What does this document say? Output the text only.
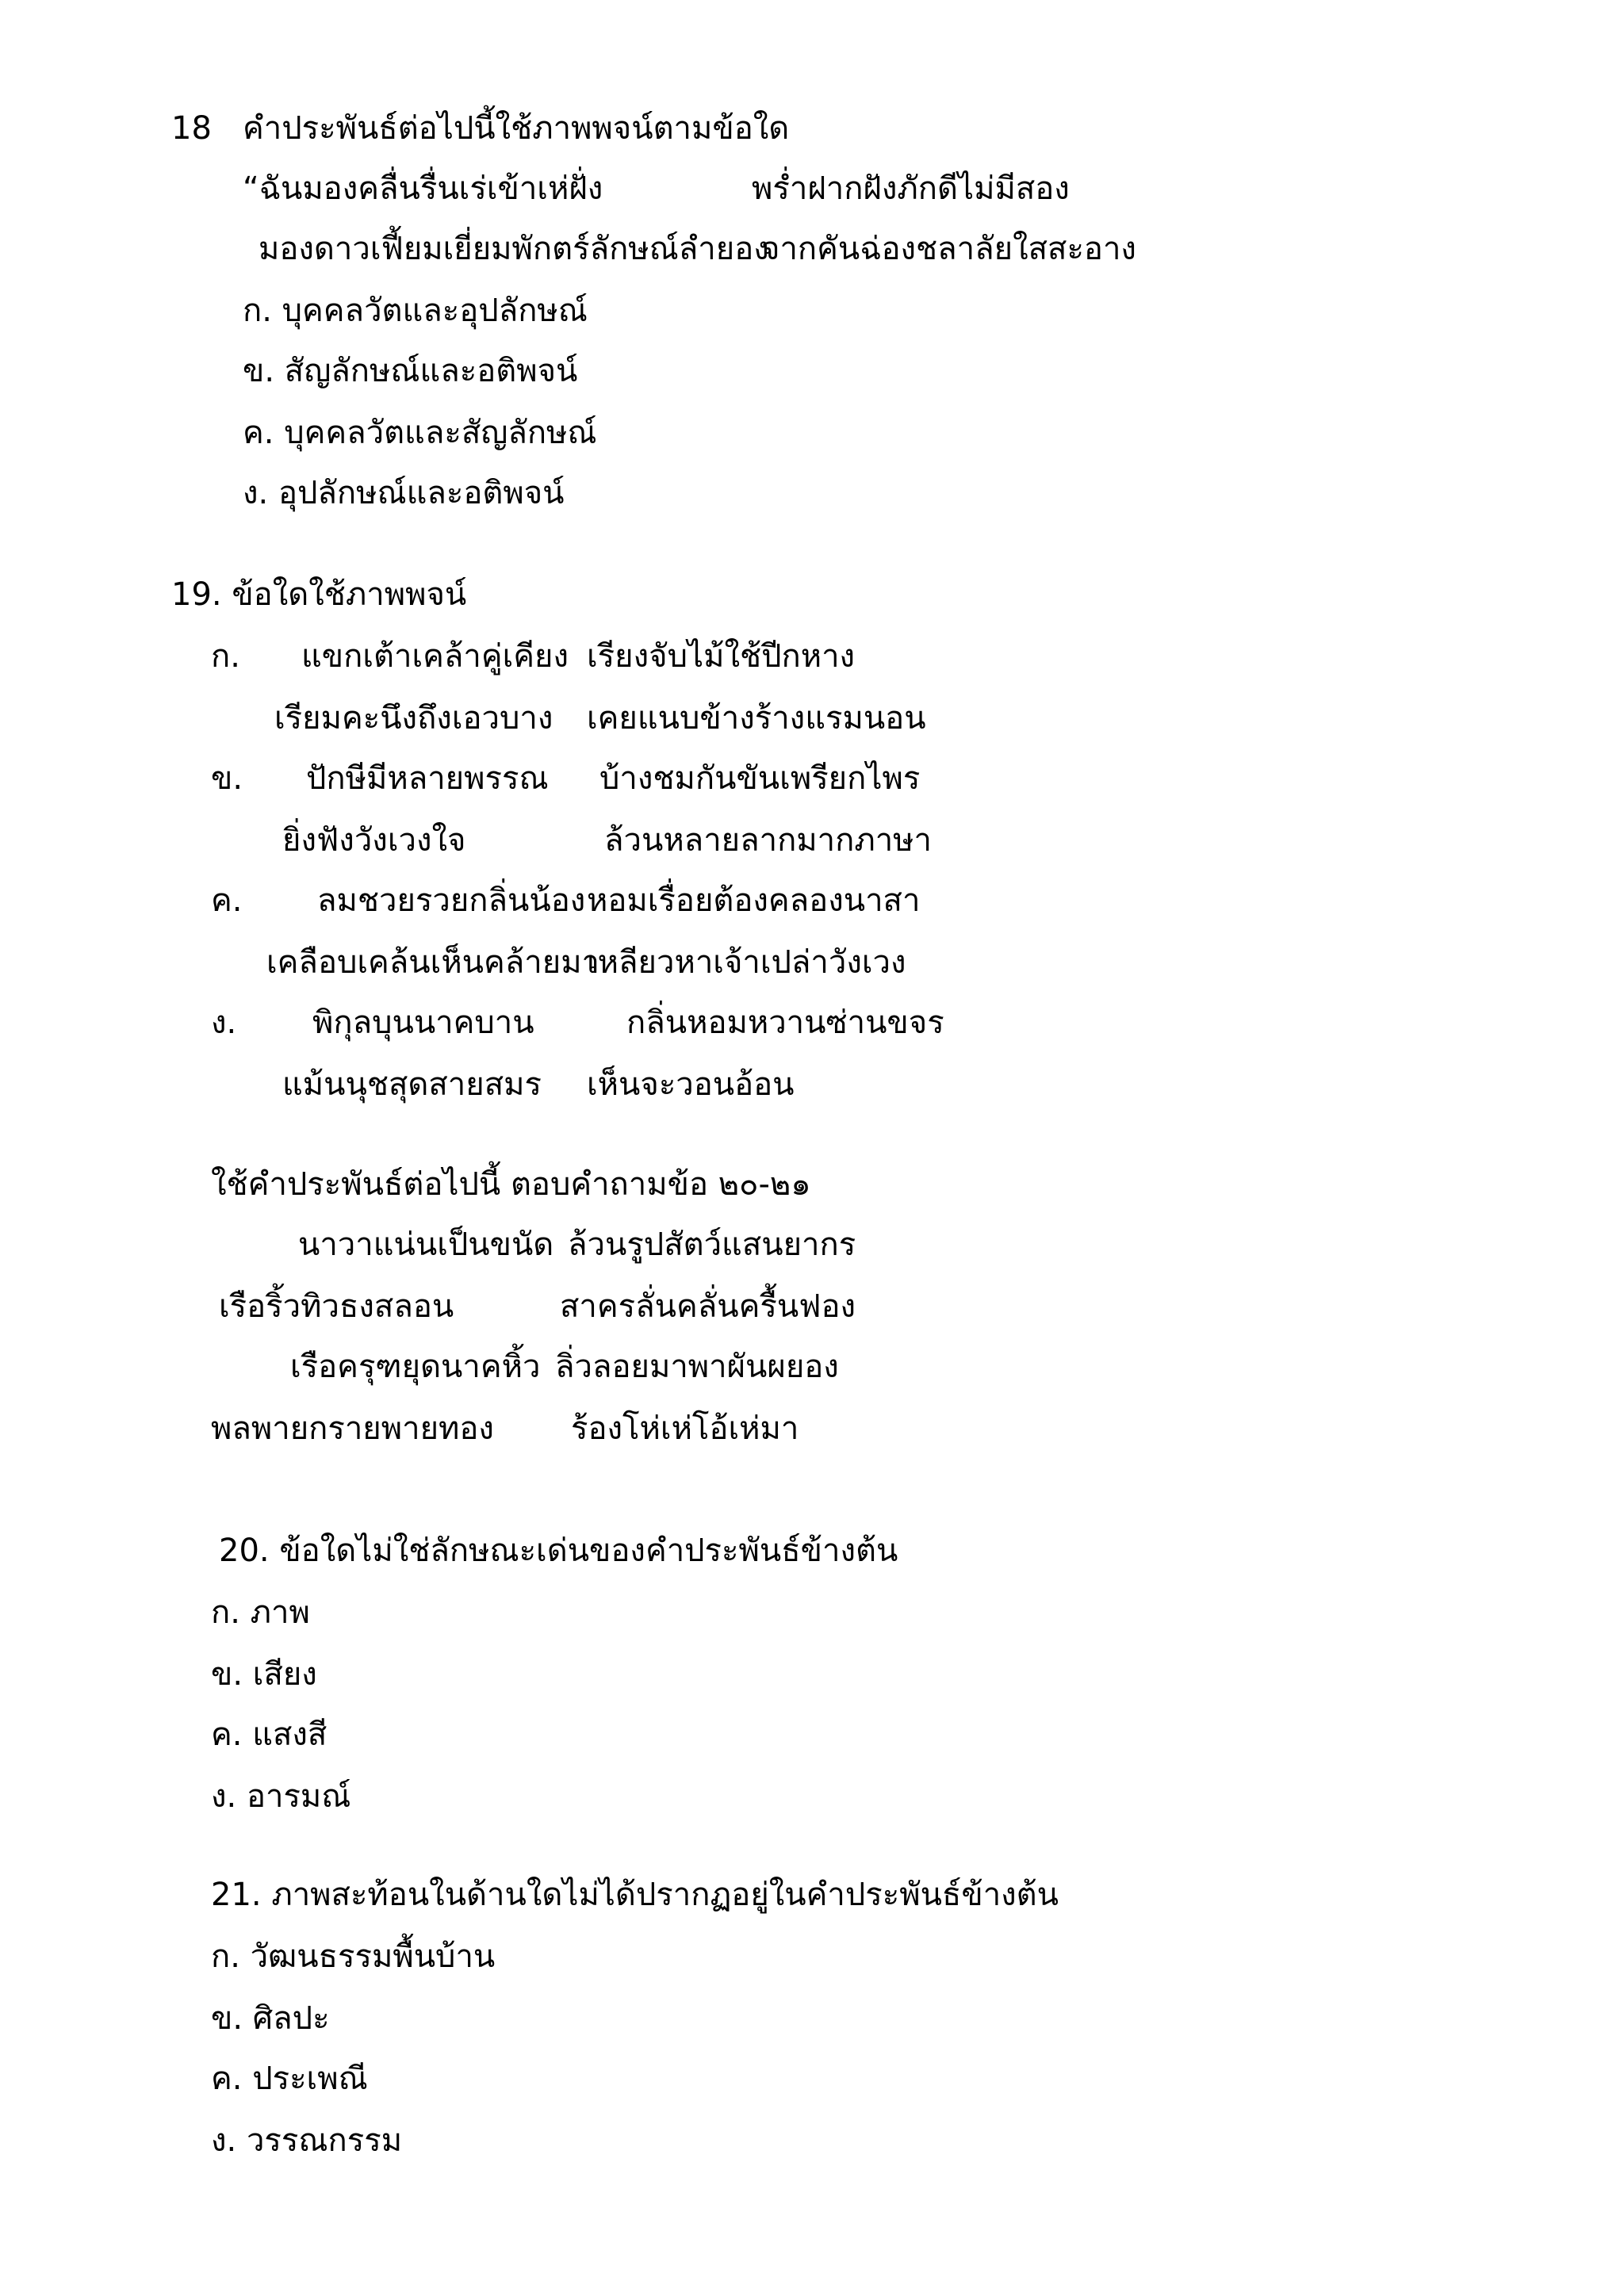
18 คำประพันธ์ต่อไปนี้ใช้ภาพพจน์ตามข้อใด
“ฉันมองคลื่นรื่นเร่เข้าเห่ฝั่ง	พร่ำฝากฝังภักดีไม่มีสอง
มองดาวเฟี้ยมเยี่ยมพักตร์ลักษณ์ลำยอง
จากคันฉ่องชลาลัยใสสะอาง
ก. บุคคลวัตและอุปลักษณ์
ข. สัญลักษณ์และอติพจน์
ค. บุคคลวัตและสัญลักษณ์
ง. อุปลักษณ์และอติพจน์
19. ข้อใดใช้ภาพพจน์
ก. แขกเต้าเคล้าคู่เคียง เรียงจับไม้ใช้ปีกหาง
เรียมคะนึงถึงเอวบาง เคยแนบข้างร้างแรมนอน
ข. ปักษีมีหลายพรรณ บ้างชมกันขันเพรียกไพร
ยิ่งฟังวังเวงใจ	ล้วนหลายลากมากภาษา
ค. ลมชวยรวยกลิ่นน้อง หอมเรื่อยต้องคลองนาสา
เคลือบเคล้นเห็นคล้ายมา
เหลียวหาเจ้าเปล่าวังเวง
ง. พิกุลบุนนาคบาน	กลิ่นหอมหวานซ่านขจร
แม้นนุชสุดสายสมร เห็นจะวอนอ้อน
ใช้คำประพันธ์ต่อไปนี้ ตอบคำถามข้อ ๒๐-๒๑
นาวาแน่นเป็นขนัด ล้วนรูปสัตว์แสนยากร
เรือริ้วทิวธงสลอน	สาครลั่นคลั่นครื้นฟอง
เรือครุฑยุดนาคหิ้ว ลิ่วลอยมาพาผันผยอง
พลพายกรายพายทอง ร้องโห่เห่โอ้เห่มา
20. ข้อใดไม่ใช่ลักษณะเด่นของคำประพันธ์ข้างต้น
ก. ภาพ
ข. เสียง
ค. แสงสี
ง. อารมณ์
21. ภาพสะท้อนในด้านใดไม่ได้ปรากฏอยู่ในคำประพันธ์ข้างต้น
ก. วัฒนธรรมพื้นบ้าน
ข. ศิลปะ
ค. ประเพณี
ง. วรรณกรรม
